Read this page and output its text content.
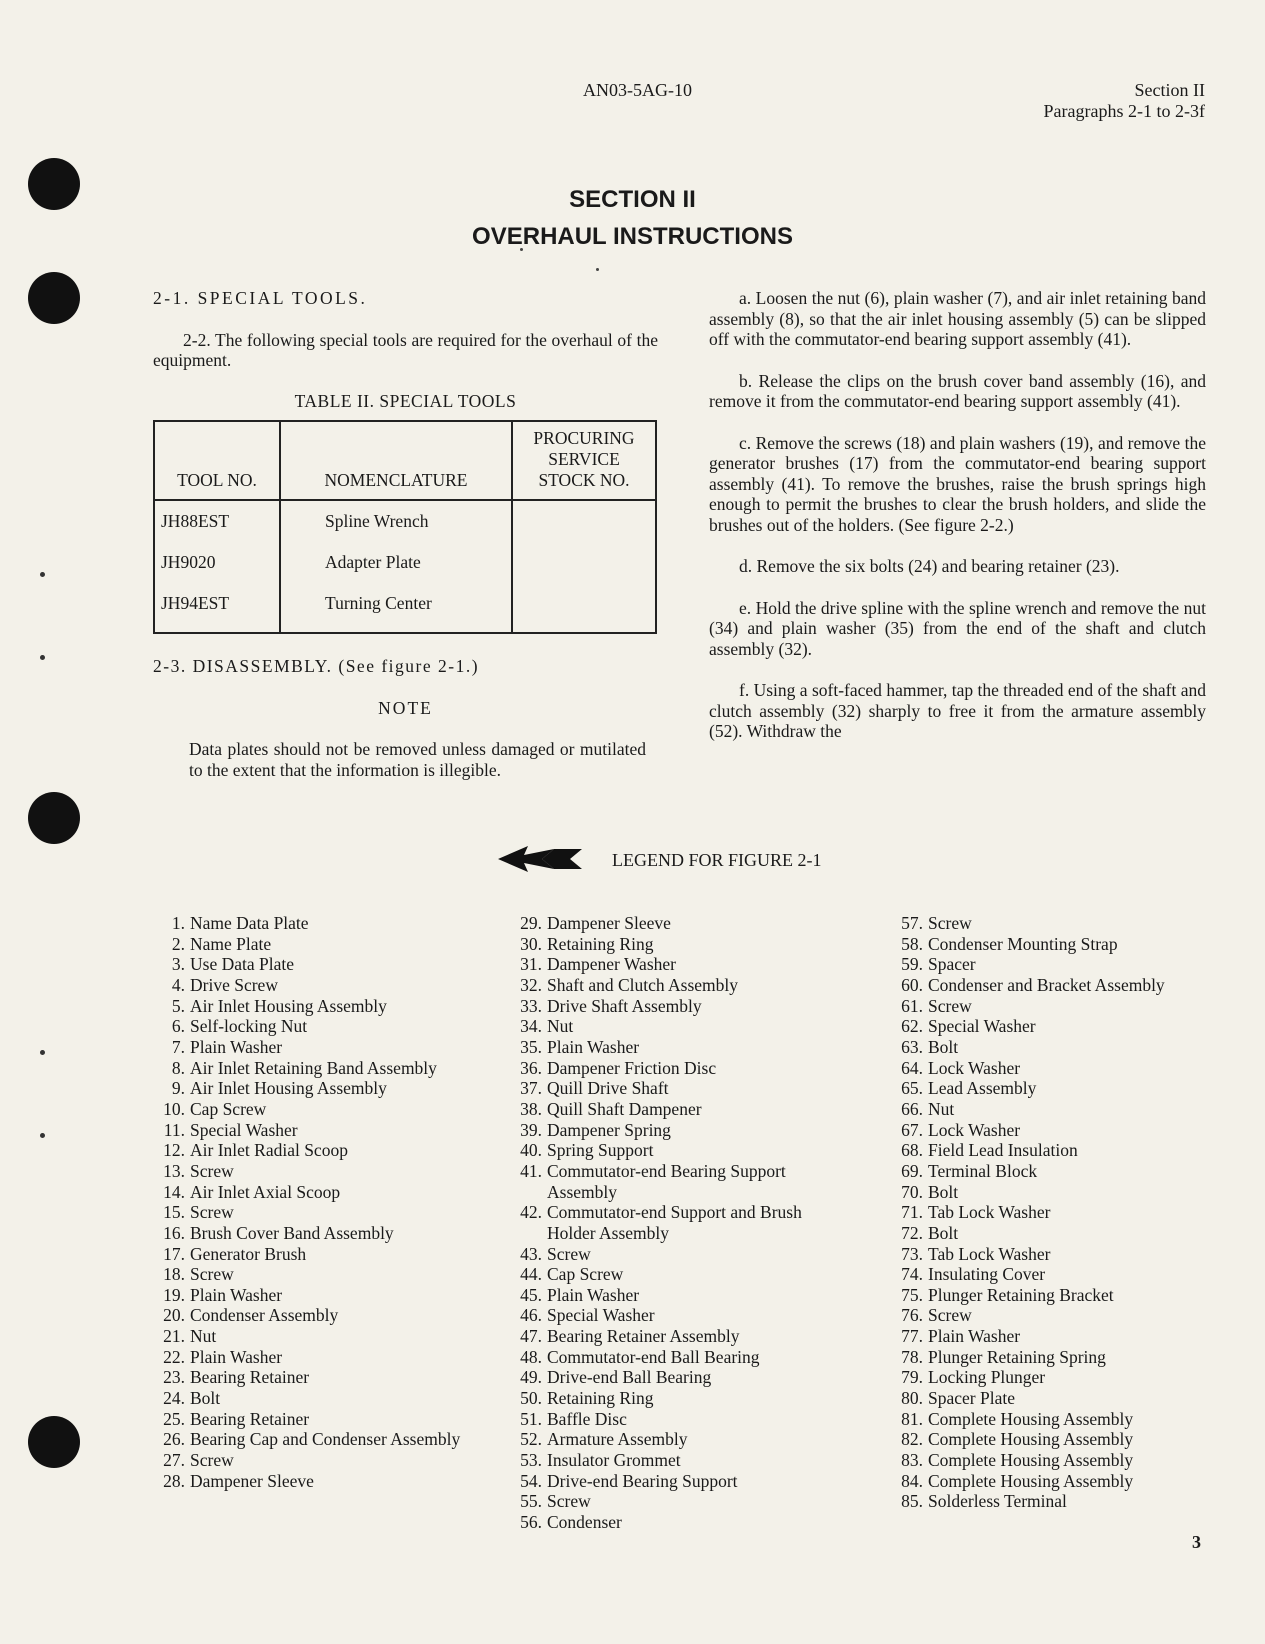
AN03-5AG-10	Section II
Paragraphs 2-1 to 2-3f
SECTION II
OVERHAUL INSTRUCTIONS

2-1. SPECIAL TOOLS.

2-2. The following special tools are required for the overhaul of the equipment.

TABLE II. SPECIAL TOOLS

TOOL NO.	NOMENCLATURE	PROCURING SERVICE STOCK NO.
JH88EST	Spline Wrench	
JH9020	Adapter Plate	
JH94EST	Turning Center	

2-3. DISASSEMBLY. (See figure 2-1.)

NOTE

Data plates should not be removed unless damaged or mutilated to the extent that the information is illegible.

a. Loosen the nut (6), plain washer (7), and air inlet retaining band assembly (8), so that the air inlet housing assembly (5) can be slipped off with the commutator-end bearing support assembly (41).

b. Release the clips on the brush cover band assembly (16), and remove it from the commutator-end bearing support assembly (41).

c. Remove the screws (18) and plain washers (19), and remove the generator brushes (17) from the commutator-end bearing support assembly (41). To remove the brushes, raise the brush springs high enough to permit the brushes to clear the brush holders, and slide the brushes out of the holders. (See figure 2-2.)

d. Remove the six bolts (24) and bearing retainer (23).

e. Hold the drive spline with the spline wrench and remove the nut (34) and plain washer (35) from the end of the shaft and clutch assembly (32).

f. Using a soft-faced hammer, tap the threaded end of the shaft and clutch assembly (32) sharply to free it from the armature assembly (52). Withdraw the

LEGEND FOR FIGURE 2-1
1. Name Data Plate
2. Name Plate
3. Use Data Plate
4. Drive Screw
5. Air Inlet Housing Assembly
6. Self-locking Nut
7. Plain Washer
8. Air Inlet Retaining Band Assembly
9. Air Inlet Housing Assembly
10. Cap Screw
11. Special Washer
12. Air Inlet Radial Scoop
13. Screw
14. Air Inlet Axial Scoop
15. Screw
16. Brush Cover Band Assembly
17. Generator Brush
18. Screw
19. Plain Washer
20. Condenser Assembly
21. Nut
22. Plain Washer
23. Bearing Retainer
24. Bolt
25. Bearing Retainer
26. Bearing Cap and Condenser Assembly
27. Screw
28. Dampener Sleeve
29. Dampener Sleeve
30. Retaining Ring
31. Dampener Washer
32. Shaft and Clutch Assembly
33. Drive Shaft Assembly
34. Nut
35. Plain Washer
36. Dampener Friction Disc
37. Quill Drive Shaft
38. Quill Shaft Dampener
39. Dampener Spring
40. Spring Support
41. Commutator-end Bearing Support Assembly
42. Commutator-end Support and Brush Holder Assembly
43. Screw
44. Cap Screw
45. Plain Washer
46. Special Washer
47. Bearing Retainer Assembly
48. Commutator-end Ball Bearing
49. Drive-end Ball Bearing
50. Retaining Ring
51. Baffle Disc
52. Armature Assembly
53. Insulator Grommet
54. Drive-end Bearing Support
55. Screw
56. Condenser
57. Screw
58. Condenser Mounting Strap
59. Spacer
60. Condenser and Bracket Assembly
61. Screw
62. Special Washer
63. Bolt
64. Lock Washer
65. Lead Assembly
66. Nut
67. Lock Washer
68. Field Lead Insulation
69. Terminal Block
70. Bolt
71. Tab Lock Washer
72. Bolt
73. Tab Lock Washer
74. Insulating Cover
75. Plunger Retaining Bracket
76. Screw
77. Plain Washer
78. Plunger Retaining Spring
79. Locking Plunger
80. Spacer Plate
81. Complete Housing Assembly
82. Complete Housing Assembly
83. Complete Housing Assembly
84. Complete Housing Assembly
85. Solderless Terminal
3
